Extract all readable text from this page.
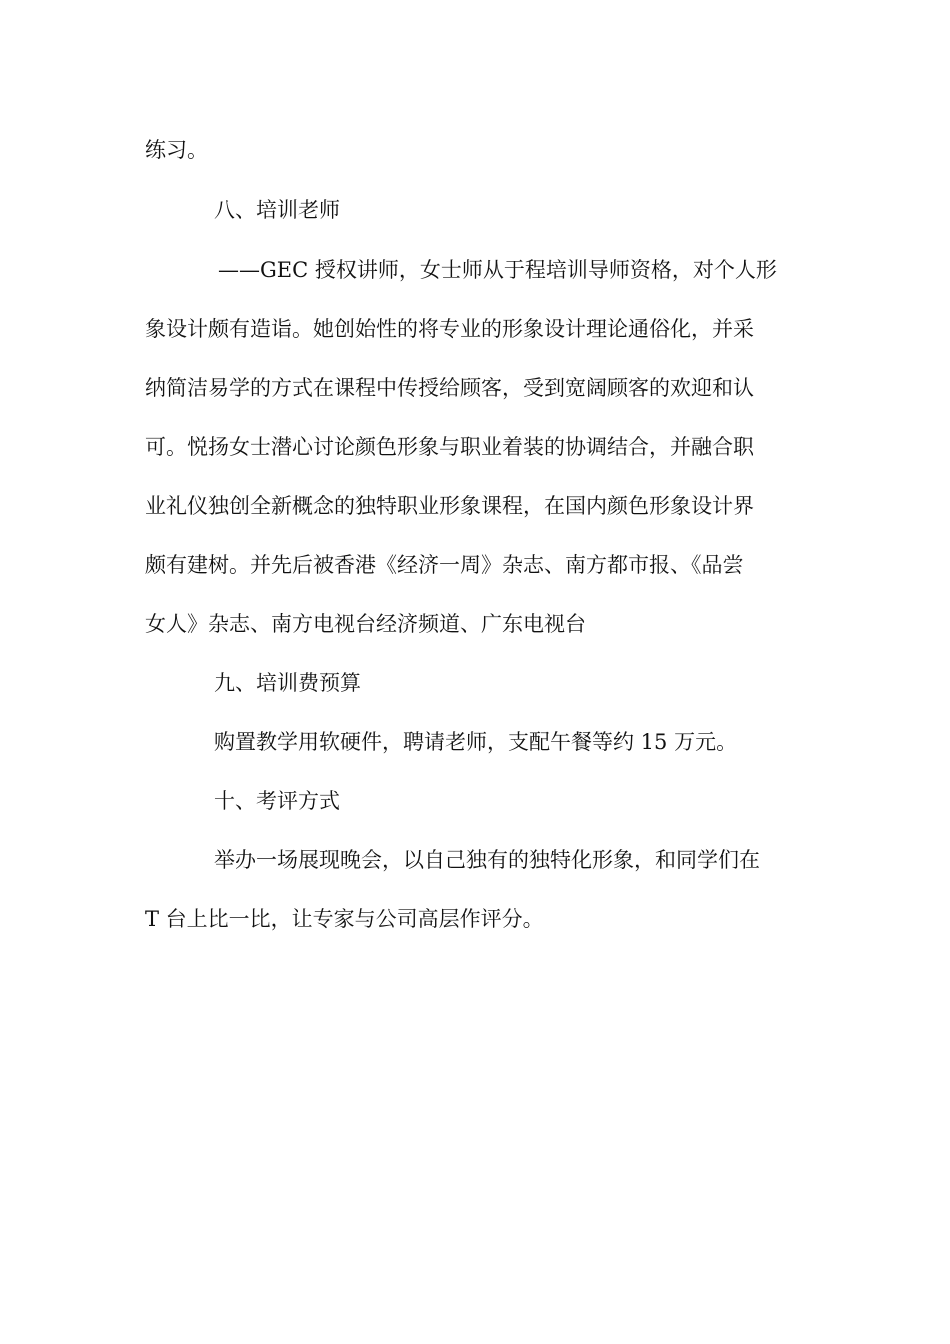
练习。
八、培训老师
——GEC 授权讲师，女士师从于程培训导师资格，对个人形
象设计颇有造诣。她创始性的将专业的形象设计理论通俗化，并采
纳简洁易学的方式在课程中传授给顾客，受到宽阔顾客的欢迎和认
可。悦扬女士潜心讨论颜色形象与职业着装的协调结合，并融合职
业礼仪独创全新概念的独特职业形象课程，在国内颜色形象设计界
颇有建树。并先后被香港《经济一周》杂志、南方都市报、《品尝
女人》杂志、南方电视台经济频道、广东电视台
九、培训费预算
购置教学用软硬件，聘请老师，支配午餐等约 15 万元。
十、考评方式
举办一场展现晚会，以自己独有的独特化形象，和同学们在
T 台上比一比，让专家与公司高层作评分。
